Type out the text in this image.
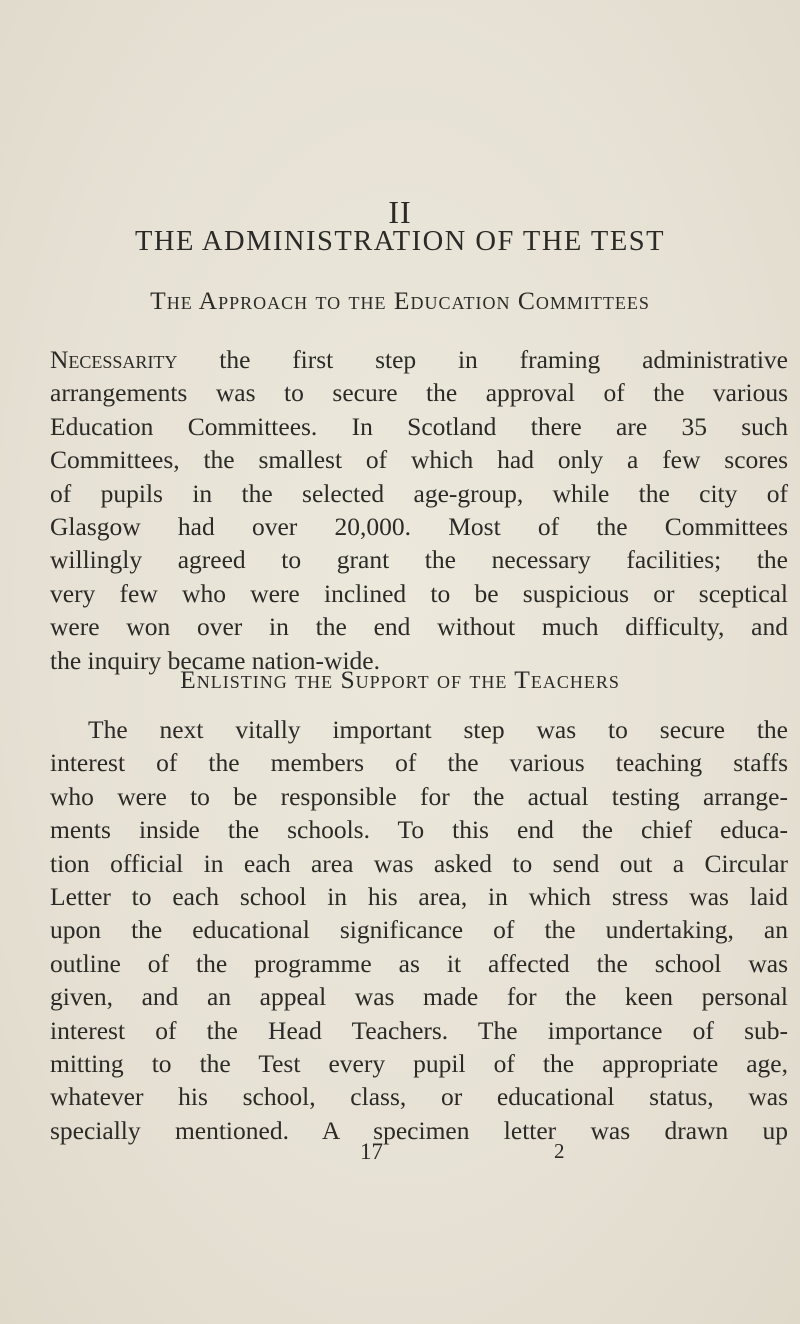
II
THE ADMINISTRATION OF THE TEST
The Approach to the Education Committees
Necessarity the first step in framing administrative
arrangements was to secure the approval of the various
Education Committees. In Scotland there are 35 such
Committees, the smallest of which had only a few scores
of pupils in the selected age-group, while the city of
Glasgow had over 20,000. Most of the Committees
willingly agreed to grant the necessary facilities; the
very few who were inclined to be suspicious or sceptical
were won over in the end without much difficulty, and
the inquiry became nation-wide.
Enlisting the Support of the Teachers
The next vitally important step was to secure the
interest of the members of the various teaching staffs
who were to be responsible for the actual testing arrange-
ments inside the schools. To this end the chief educa-
tion official in each area was asked to send out a Circular
Letter to each school in his area, in which stress was laid
upon the educational significance of the undertaking, an
outline of the programme as it affected the school was
given, and an appeal was made for the keen personal
interest of the Head Teachers. The importance of sub-
mitting to the Test every pupil of the appropriate age,
whatever his school, class, or educational status, was
specially mentioned. A specimen letter was drawn up
17	2
